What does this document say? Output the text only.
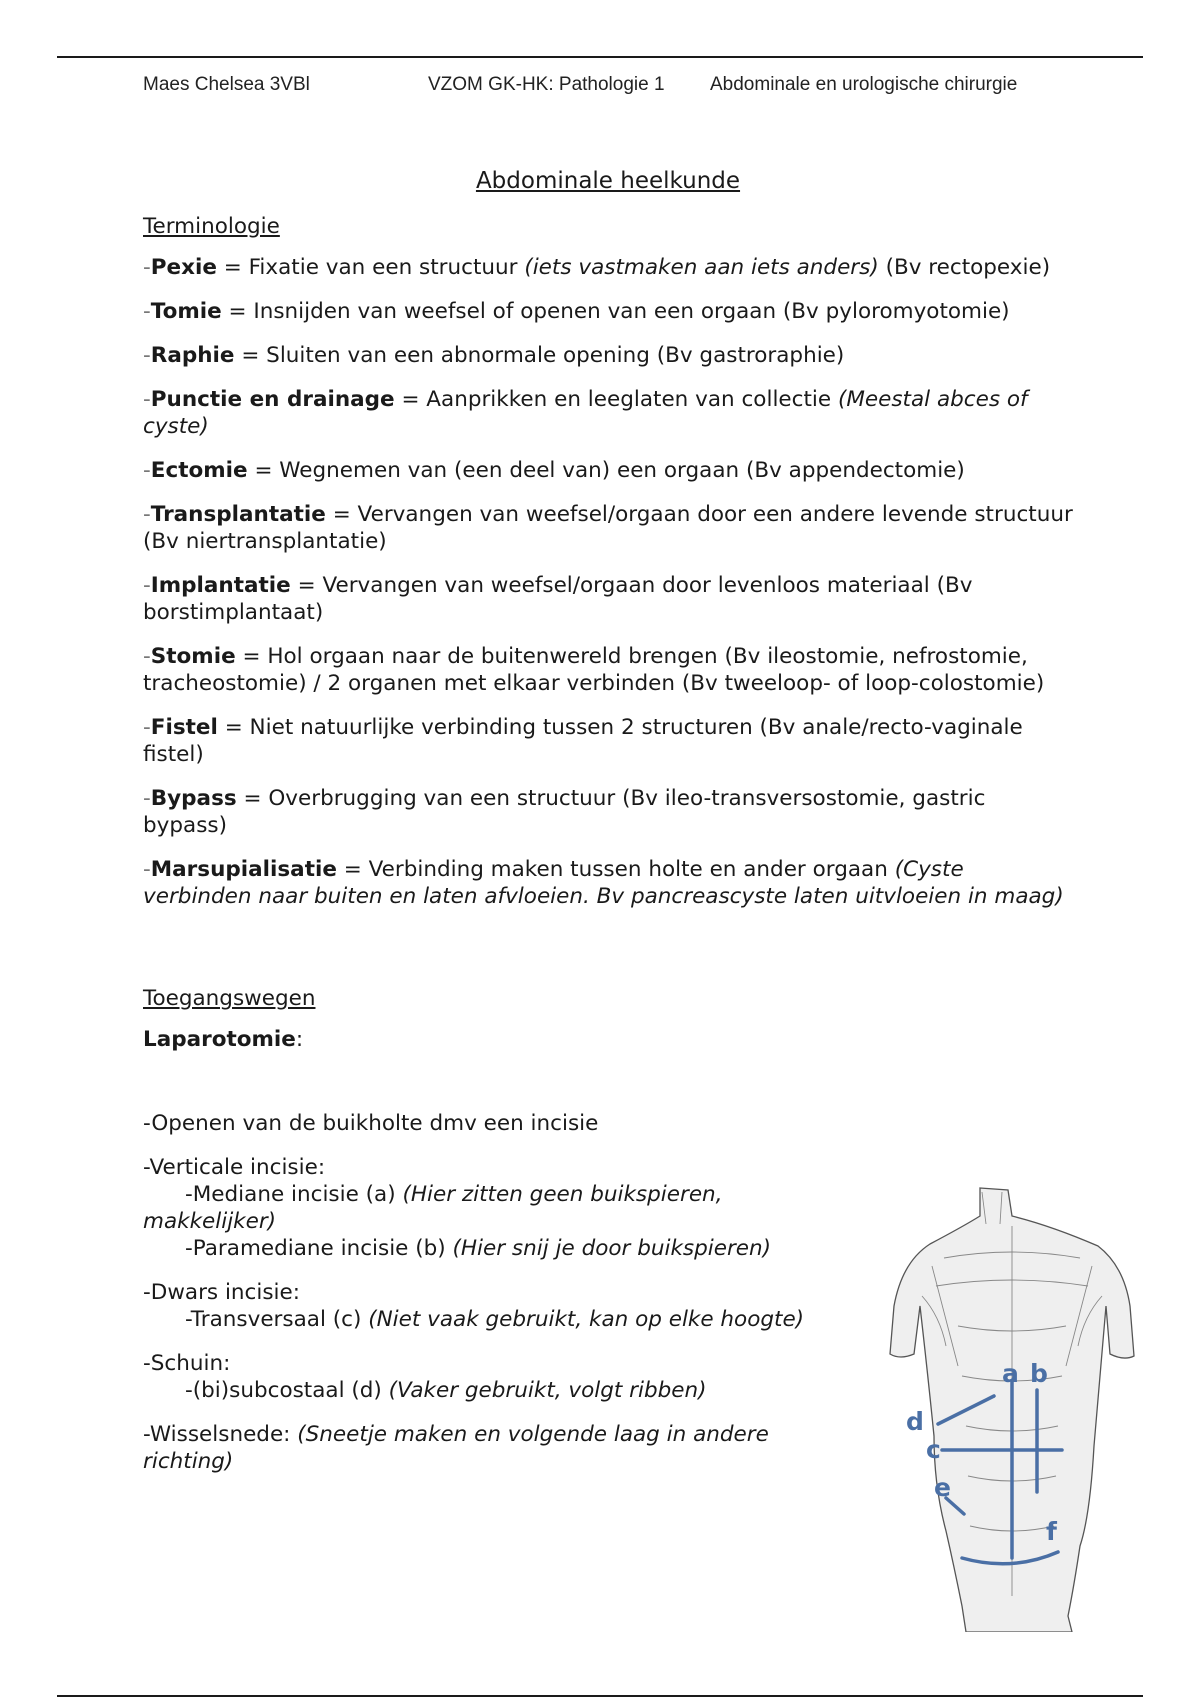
Maes Chelsea 3VBl	VZOM GK-HK: Pathologie 1 Abdominale en urologische chirurgie
Abdominale heelkunde
Terminologie

-Pexie = Fixatie van een structuur (iets vastmaken aan iets anders) (Bv rectopexie)

-Tomie = Insnijden van weefsel of openen van een orgaan (Bv pyloromyotomie)

-Raphie = Sluiten van een abnormale opening (Bv gastroraphie)

-Punctie en drainage = Aanprikken en leeglaten van collectie (Meestal abces of cyste)

-Ectomie = Wegnemen van (een deel van) een orgaan (Bv appendectomie)

-Transplantatie = Vervangen van weefsel/orgaan door een andere levende structuur (Bv niertransplantatie)

-Implantatie = Vervangen van weefsel/orgaan door levenloos materiaal (Bv borstimplantaat)

-Stomie = Hol orgaan naar de buitenwereld brengen (Bv ileostomie, nefrostomie, tracheostomie) / 2 organen met elkaar verbinden (Bv tweeloop- of loop-colostomie)

-Fistel = Niet natuurlijke verbinding tussen 2 structuren (Bv anale/recto-vaginale fistel)

-Bypass = Overbrugging van een structuur (Bv ileo-transversostomie, gastric bypass)

-Marsupialisatie = Verbinding maken tussen holte en ander orgaan (Cyste verbinden naar buiten en laten afvloeien. Bv pancreascyste laten uitvloeien in maag)

Toegangswegen

Laparotomie:

-Openen van de buikholte dmv een incisie

-Verticale incisie:
-Mediane incisie (a) (Hier zitten geen buikspieren, makkelijker)
-Paramediane incisie (b) (Hier snij je door buikspieren)

-Dwars incisie:
-Transversaal (c) (Niet vaak gebruikt, kan op elke hoogte)

-Schuin:
-(bi)subcostaal (d) (Vaker gebruikt, volgt ribben)

-Wisselsnede: (Sneetje maken en volgende laag in andere richting)

a b
c
d
e
f
